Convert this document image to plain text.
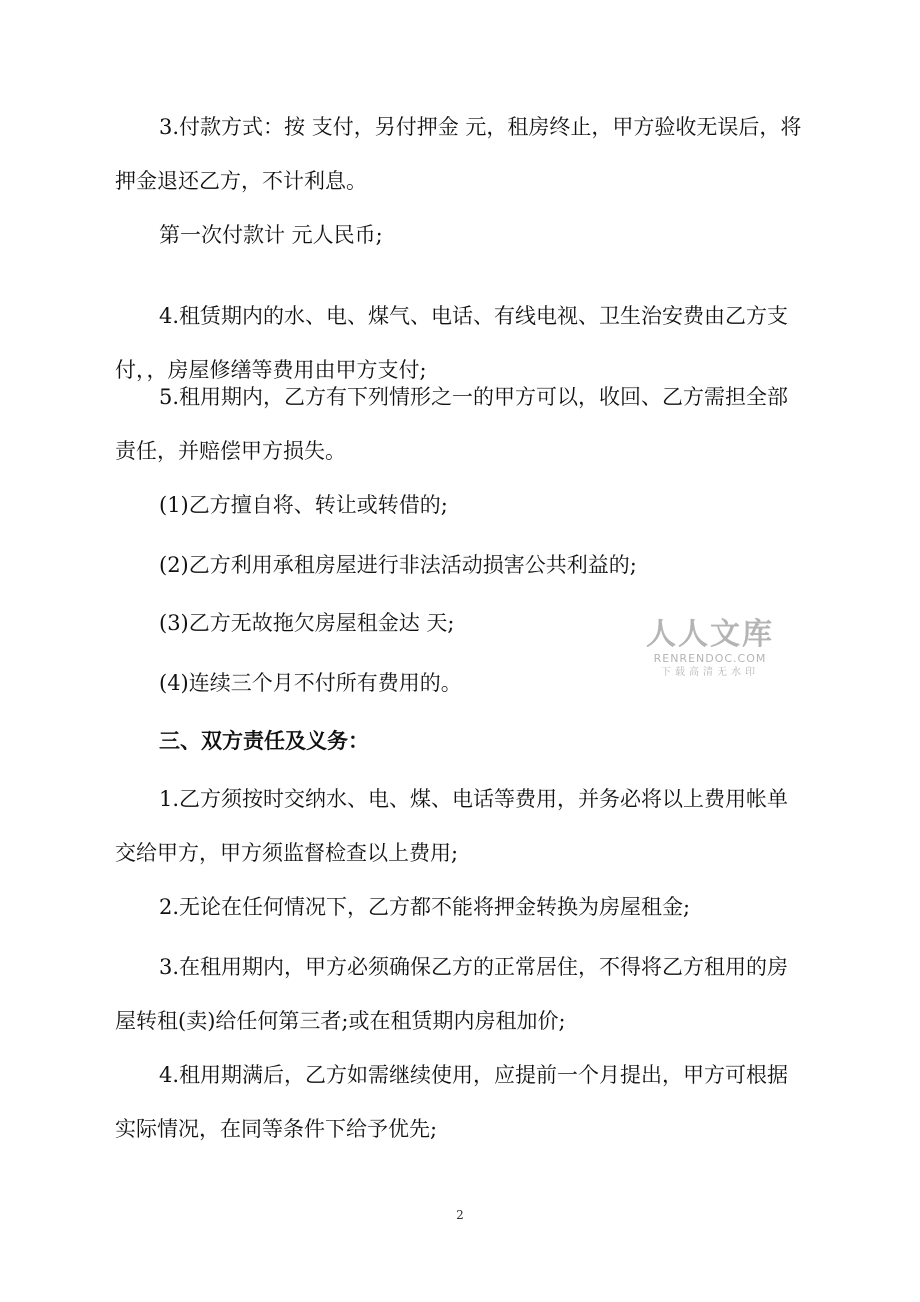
3.付款方式：按 支付，另付押金 元，租房终止，甲方验收无误后，将押金退还乙方，不计利息。

第一次付款计 元人民币;

4.租赁期内的水、电、煤气、电话、有线电视、卫生治安费由乙方支付，，房屋修缮等费用由甲方支付;

5.租用期内，乙方有下列情形之一的甲方可以，收回、乙方需担全部责任，并赔偿甲方损失。

(1)乙方擅自将、转让或转借的;

(2)乙方利用承租房屋进行非法活动损害公共利益的;

(3)乙方无故拖欠房屋租金达 天;

(4)连续三个月不付所有费用的。

三、双方责任及义务：

1.乙方须按时交纳水、电、煤、电话等费用，并务必将以上费用帐单交给甲方，甲方须监督检查以上费用;

2.无论在任何情况下，乙方都不能将押金转换为房屋租金;

3.在租用期内，甲方必须确保乙方的正常居住，不得将乙方租用的房屋转租(卖)给任何第三者;或在租赁期内房租加价;

4.租用期满后，乙方如需继续使用，应提前一个月提出，甲方可根据实际情况，在同等条件下给予优先;

人人文库
RENRENDOC.COM
下载高清无水印
2
